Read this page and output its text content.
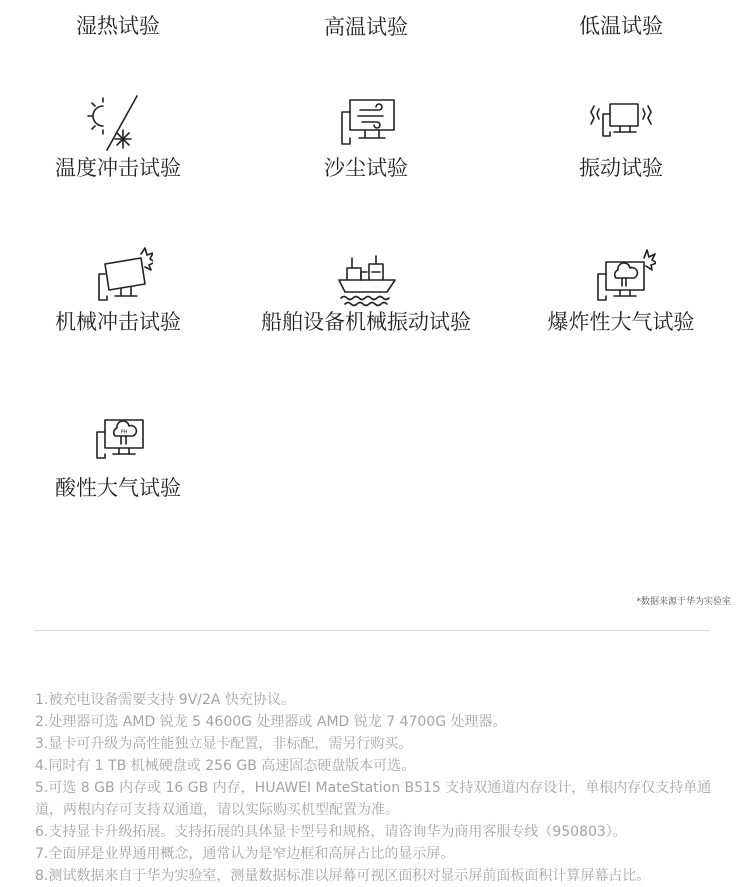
湿热试验	高温试验	低温试验
温度冲击试验	沙尘试验	振动试验
机械冲击试验	船舶设备机械振动试验	爆炸性大气试验
PH
酸性大气试验
*数据来源于华为实验室

1.被充电设备需要支持 9V/2A 快充协议。

2.处理器可选 AMD 锐龙 5 4600G 处理器或 AMD 锐龙 7 4700G 处理器。

3.显卡可升级为高性能独立显卡配置，非标配，需另行购买。

4.同时有 1 TB 机械硬盘或 256 GB 高速固态硬盘版本可选。

5.可选 8 GB 内存或 16 GB 内存，HUAWEI MateStation B515 支持双通道内存设计，单根内存仅支持单通道，两根内存可支持双通道，请以实际购买机型配置为准。

6.支持显卡升级拓展。支持拓展的具体显卡型号和规格，请咨询华为商用客服专线（950803）。

7.全面屏是业界通用概念，通常认为是窄边框和高屏占比的显示屏。

8.测试数据来自于华为实验室，测量数据标准以屏幕可视区面积对显示屏前面板面积计算屏幕占比。
